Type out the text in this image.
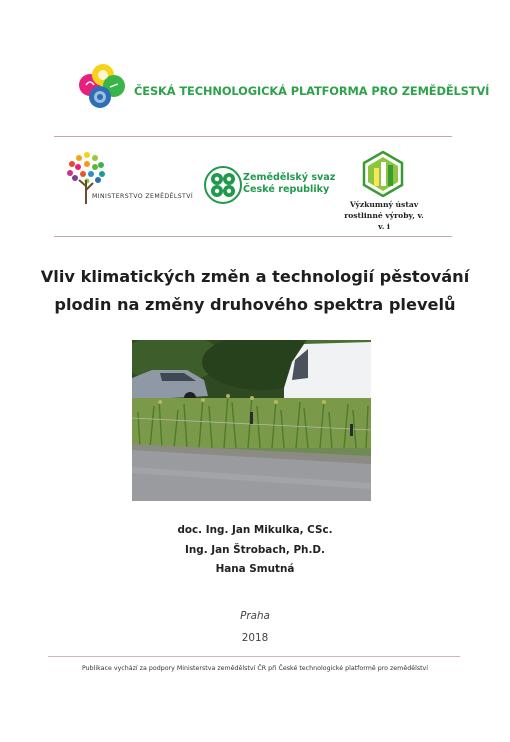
ČESKÁ TECHNOLOGICKÁ PLATFORMA PRO ZEMĚDĚLSTVÍ
MINISTERSTVO ZEMĚDĚLSTVÍ
Zemědělský svaz
České republiky
Výzkumný ústav
rostlinné výroby, v. v. i
Vliv klimatických změn a technologií pěstování
plodin na změny druhového spektra plevelů
doc. Ing. Jan Mikulka, CSc.
Ing. Jan Štrobach, Ph.D.
Hana Smutná
Praha
2018
Publikace vychází za podpory Ministerstva zemědělství ČR při České technologické platformě pro zemědělství
